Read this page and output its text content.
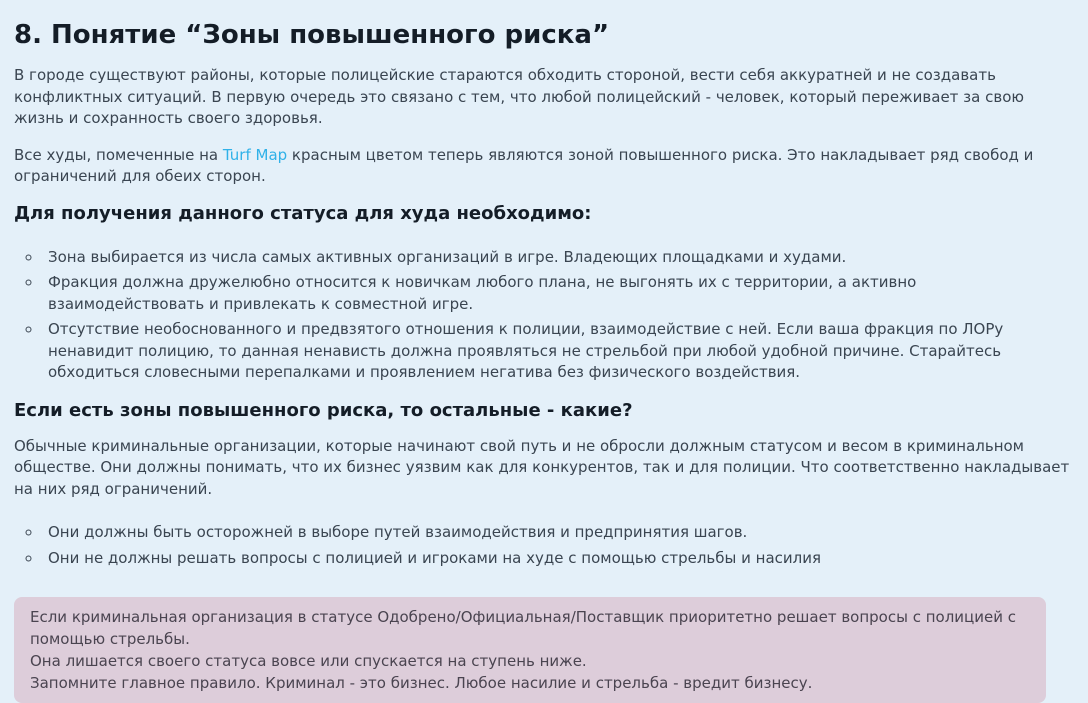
8. Понятие “Зоны повышенного риска”

В городе существуют районы, которые полицейские стараются обходить стороной, вести себя аккуратней и не создавать конфликтных ситуаций. В первую очередь это связано с тем, что любой полицейский - человек, который переживает за свою жизнь и сохранность своего здоровья.

Все худы, помеченные на Turf Map красным цветом теперь являются зоной повышенного риска. Это накладывает ряд свобод и ограничений для обеих сторон.

Для получения данного статуса для худа необходимо:
◦ Зона выбирается из числа самых активных организаций в игре. Владеющих площадками и худами.
◦ Фракция должна дружелюбно относится к новичкам любого плана, не выгонять их с территории, а активно взаимодействовать и привлекать к совместной игре.
◦ Отсутствие необоснованного и предвзятого отношения к полиции, взаимодействие с ней. Если ваша фракция по ЛОРу ненавидит полицию, то данная ненависть должна проявляться не стрельбой при любой удобной причине. Старайтесь обходиться словесными перепалками и проявлением негатива без физического воздействия.
Если есть зоны повышенного риска, то остальные - какие?

Обычные криминальные организации, которые начинают свой путь и не обросли должным статусом и весом в криминальном обществе. Они должны понимать, что их бизнес уязвим как для конкурентов, так и для полиции. Что соответственно накладывает на них ряд ограничений.

◦ Они должны быть осторожней в выборе путей взаимодействия и предпринятия шагов.
◦ Они не должны решать вопросы с полицией и игроками на худе с помощью стрельбы и насилия

Если криминальная организация в статусе Одобрено/Официальная/Поставщик приоритетно решает вопросы с полицией с помощью стрельбы.

Она лишается своего статуса вовсе или спускается на ступень ниже.

Запомните главное правило. Криминал - это бизнес. Любое насилие и стрельба - вредит бизнесу.
